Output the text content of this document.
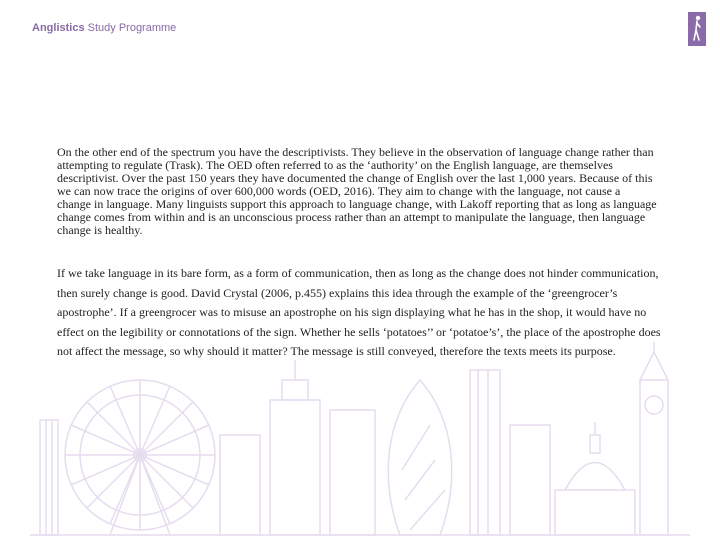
Anglistics Study Programme

On the other end of the spectrum you have the descriptivists. They believe in the observation of language change rather than attempting to regulate (Trask). The OED often referred to as the ‘authority’ on the English language, are themselves descriptivist. Over the past 150 years they have documented the change of English over the last 1,000 years. Because of this we can now trace the origins of over 600,000 words (OED, 2016). They aim to change with the language, not cause a change in language. Many linguists support this approach to language change, with Lakoff reporting that as long as language change comes from within and is an unconscious process rather than an attempt to manipulate the language, then language change is healthy.

If we take language in its bare form, as a form of communication, then as long as the change does not hinder communication, then surely change is good. David Crystal (2006, p.455) explains this idea through the example of the ‘greengrocer’s apostrophe’. If a greengrocer was to misuse an apostrophe on his sign displaying what he has in the shop, it would have no effect on the legibility or connotations of the sign. Whether he sells ‘potatoes’’ or ‘potatoe’s’, the place of the apostrophe does not affect the message, so why should it matter? The message is still conveyed, therefore the texts meets its purpose.
